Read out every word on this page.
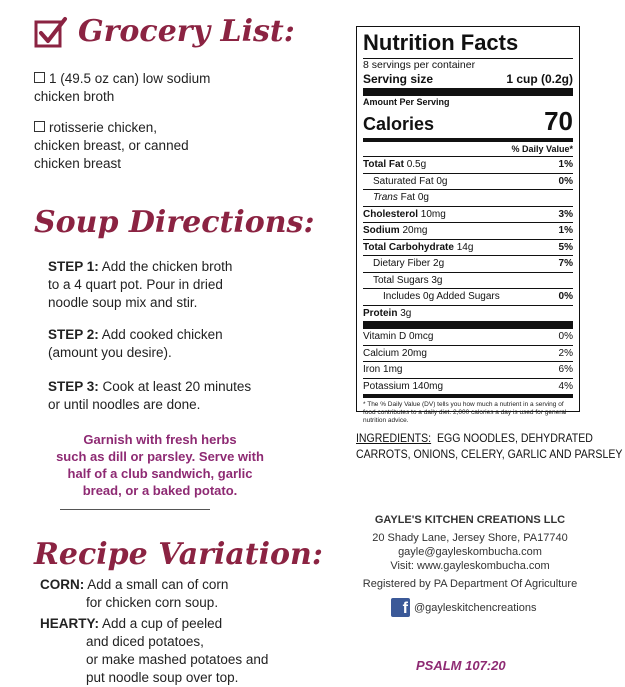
Grocery List:
1 (49.5 oz can) low sodium
chicken broth
rotisserie chicken,
chicken breast, or canned
chicken breast
Soup Directions:
STEP 1: Add the chicken broth
to a 4 quart pot. Pour in dried
noodle soup mix and stir.
STEP 2: Add cooked chicken
(amount you desire).
STEP 3: Cook at least 20 minutes
or until noodles are done.
Garnish with fresh herbs
such as dill or parsley. Serve with
half of a club sandwich, garlic
bread, or a baked potato.
Recipe Variation:
CORN: Add a small can of corn
for chicken corn soup.
HEARTY: Add a cup of peeled
and diced potatoes,
or make mashed potatoes and
put noodle soup over top.
Nutrition Facts
8 servings per container
Serving size	1 cup (0.2g)
Amount Per Serving
Calories	70
% Daily Value*
Total Fat 0.5g	1%
Saturated Fat 0g	0%
Trans Fat 0g
Cholesterol 10mg	3%
Sodium 20mg	1%
Total Carbohydrate 14g	5%
Dietary Fiber 2g	7%
Total Sugars 3g
Includes 0g Added Sugars	0%
Protein 3g
Vitamin D 0mcg	0%
Calcium 20mg	2%
Iron 1mg	6%
Potassium 140mg	4%
* The % Daily Value (DV) tells you how much a nutrient in a serving of food contributes to a daily diet. 2,000 calories a day is used for general nutrition advice.
INGREDIENTS: EGG NOODLES, DEHYDRATED
CARROTS, ONIONS, CELERY, GARLIC AND PARSLEY
GAYLE'S KITCHEN CREATIONS LLC
20 Shady Lane, Jersey Shore, PA17740
gayle@gayleskombucha.com
Visit: www.gayleskombucha.com
Registered by PA Department Of Agriculture
f @gayleskitchencreations
PSALM 107:20
